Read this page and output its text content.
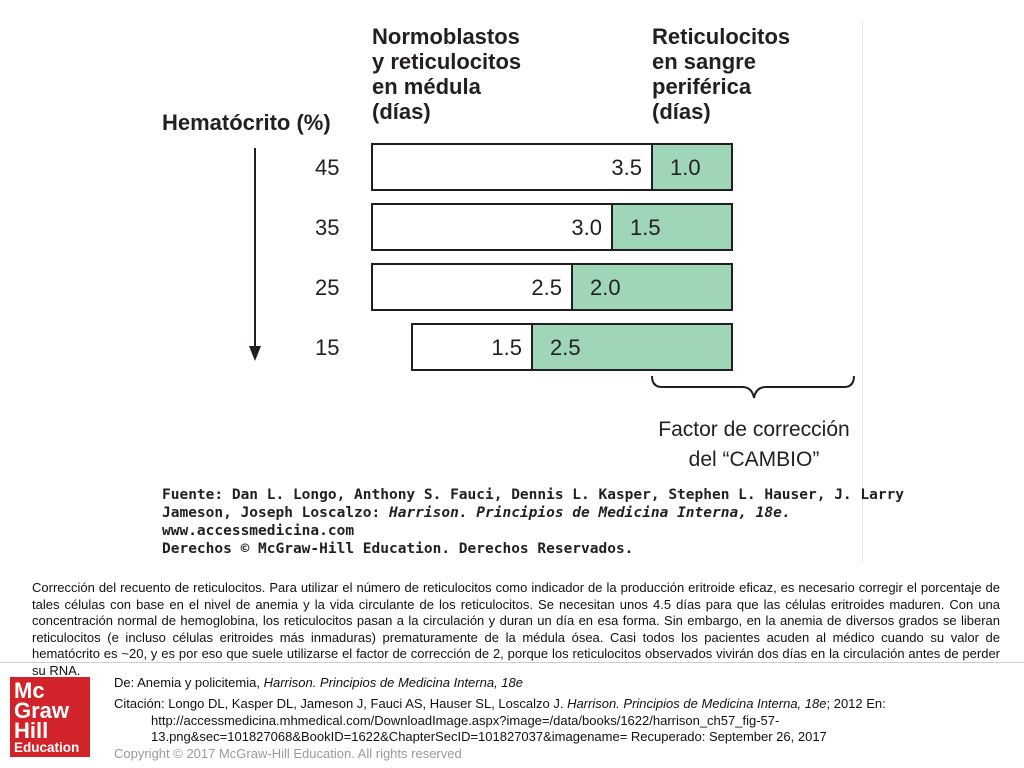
Normoblastos
y reticulocitos
en médula
(días)
Reticulocitos
en sangre
periférica
(días)
Hematócrito (%)
3.5 1.0
45
3.0 1.5
35
2.5 2.0
25
1.5 2.5
15
Factor de corrección
del “CAMBIO”
Fuente: Dan L. Longo, Anthony S. Fauci, Dennis L. Kasper, Stephen L. Hauser, J. Larry
Jameson, Joseph Loscalzo: Harrison. Principios de Medicina Interna, 18e.
www.accessmedicina.com
Derechos © McGraw-Hill Education. Derechos Reservados.
Corrección del recuento de reticulocitos. Para utilizar el número de reticulocitos como indicador de la producción eritroide eficaz, es necesario corregir el porcentaje de tales células con base en el nivel de anemia y la vida circulante de los reticulocitos. Se necesitan unos 4.5 días para que las células eritroides maduren. Con una concentración normal de hemoglobina, los reticulocitos pasan a la circulación y duran un día en esa forma. Sin embargo, en la anemia de diversos grados se liberan reticulocitos (e incluso células eritroides más inmaduras) prematuramente de la médula ósea. Casi todos los pacientes acuden al médico cuando su valor de hematócrito es ~20, y es por eso que suele utilizarse el factor de corrección de 2, porque los reticulocitos observados vivirán dos días en la circulación antes de perder su RNA.
Mc
Graw
Hill
Education
De: Anemia y policitemia, Harrison. Principios de Medicina Interna, 18e
Citación: Longo DL, Kasper DL, Jameson J, Fauci AS, Hauser SL, Loscalzo J. Harrison. Principios de Medicina Interna, 18e; 2012 En:
http://accessmedicina.mhmedical.com/DownloadImage.aspx?image=/data/books/1622/harrison_ch57_fig-57-
13.png&sec=101827068&BookID=1622&ChapterSecID=101827037&imagename= Recuperado: September 26, 2017
Copyright © 2017 McGraw-Hill Education. All rights reserved
